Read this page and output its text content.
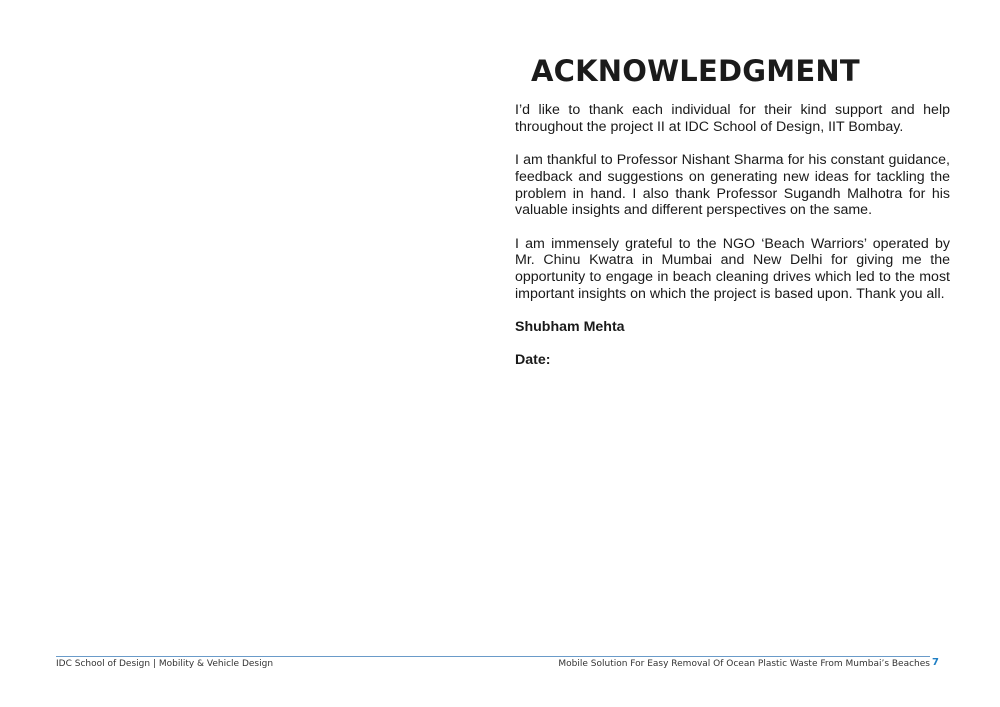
ACKNOWLEDGMENT

I’d like to thank each individual for their kind support and help throughout the project II at IDC School of Design, IIT Bombay.

I am thankful to Professor Nishant Sharma for his constant guidance, feedback and suggestions on generating new ideas for tackling the problem in hand. I also thank Professor Sugandh Malhotra for his valuable insights and different perspectives on the same.

I am immensely grateful to the NGO ‘Beach Warriors’ operated by Mr. Chinu Kwatra in Mumbai and New Delhi for giving me the opportunity to engage in beach cleaning drives which led to the most important insights on which the project is based upon. Thank you all.

Shubham Mehta
Date:
IDC School of Design | Mobility & Vehicle Design	Mobile Solution For Easy Removal Of Ocean Plastic Waste From Mumbai’s Beaches 7
